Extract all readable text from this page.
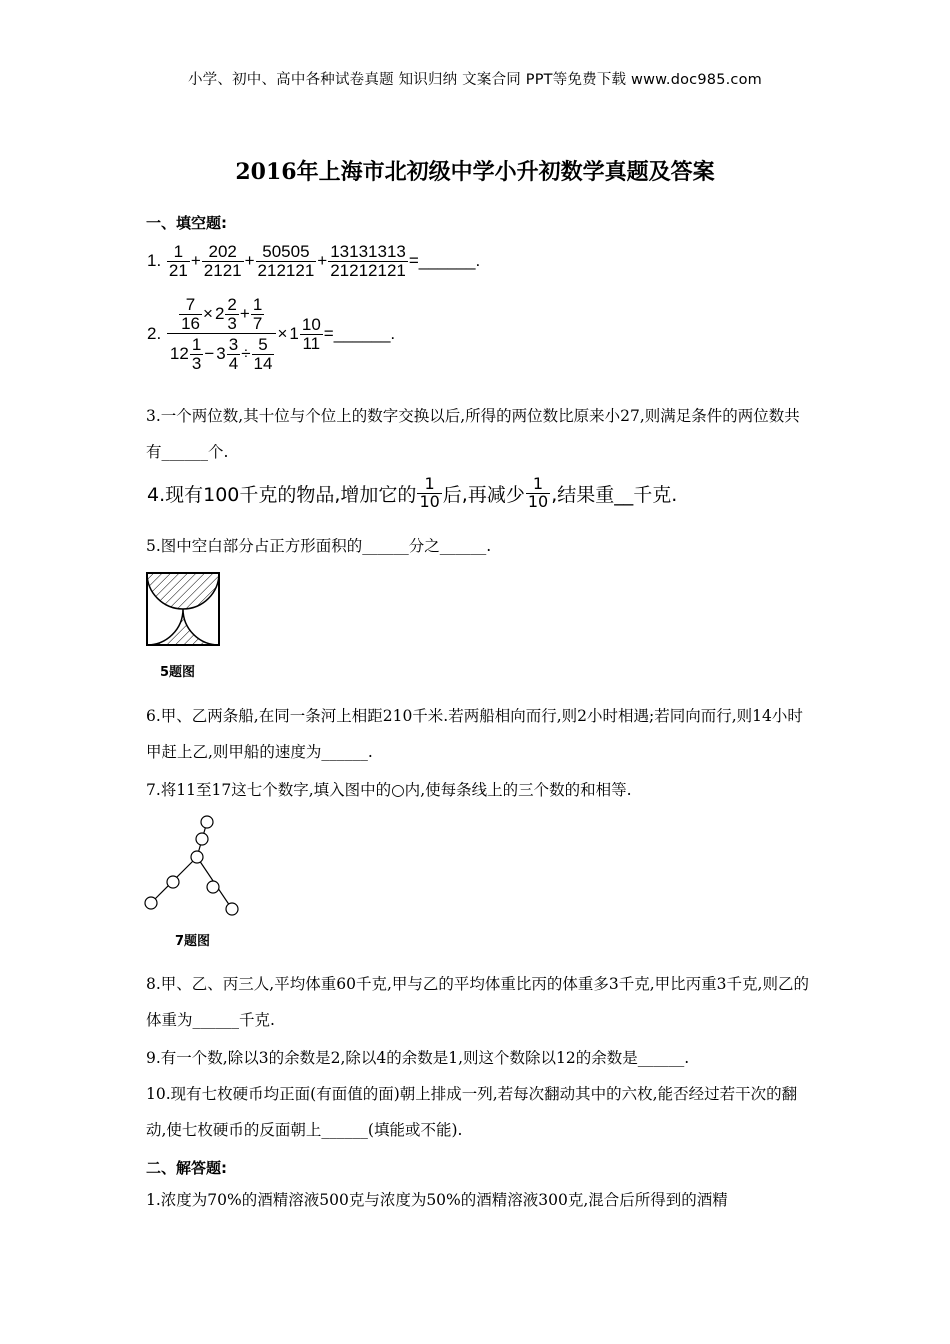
小学、初中、高中各种试卷真题 知识归纳 文案合同 PPT等免费下载 www.doc985.com
2016年上海市北初级中学小升初数学真题及答案
一、填空题:
1. $\frac{1}{21} + \frac{202}{2121} + \frac{50505}{212121} + \frac{13131313}{21212121}$ =______.
2. $\frac{\frac{7}{16} \times 2 \frac{2}{3} + \frac{1}{7}}{12 \frac{1}{3} - 3 \frac{3}{4} \div \frac{5}{14}} \times 1 \frac{10}{11}$ =______.
3.一个两位数,其十位与个位上的数字交换以后,所得的两位数比原来小27,则满足条件的两位数共有______个.
4.现有100千克的物品,增加它的 $\frac{1}{10}$ 后,再减少 $\frac{1}{10}$ ,结果重__千克.
5.图中空白部分占正方形面积的______分之______.
5题图
6.甲、乙两条船,在同一条河上相距210千米.若两船相向而行,则2小时相遇;若同向而行,则14小时甲赶上乙,则甲船的速度为______.
7.将11至17这七个数字,填入图中的○内,使每条线上的三个数的和相等.
7题图
8.甲、乙、丙三人,平均体重60千克,甲与乙的平均体重比丙的体重多3千克,甲比丙重3千克,则乙的体重为______千克.
9.有一个数,除以3的余数是2,除以4的余数是1,则这个数除以12的余数是______.
10.现有七枚硬币均正面(有面值的面)朝上排成一列,若每次翻动其中的六枚,能否经过若干次的翻动,使七枚硬币的反面朝上______(填能或不能).
二、解答题:
1.浓度为70%的酒精溶液500克与浓度为50%的酒精溶液300克,混合后所得到的酒精
